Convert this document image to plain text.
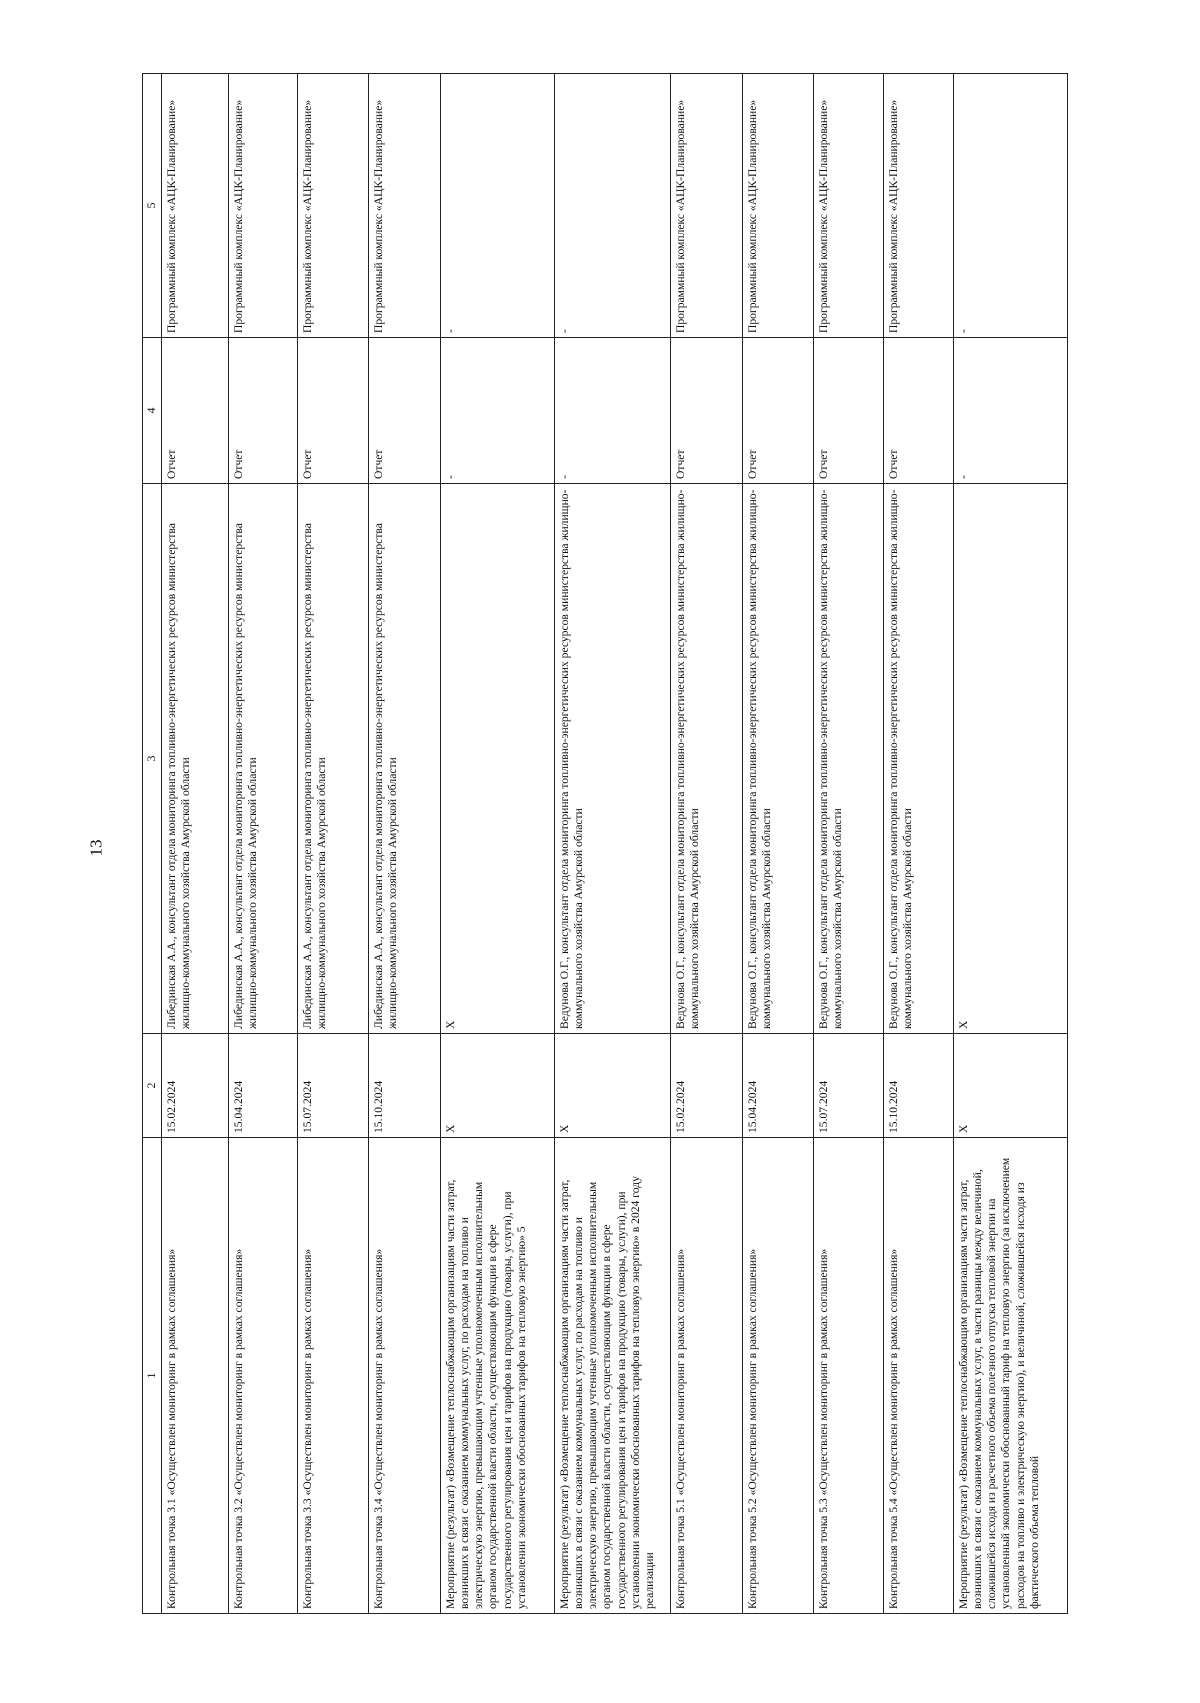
13
1	2	3	4	5
Контрольная точка 3.1 «Осуществлен мониторинг в рамках соглашения»	15.02.2024	Либединская А.А., консультант отдела мониторинга топливно-энергетических ресурсов министерства жилищно-коммунального хозяйства Амурской области	Отчет	Программный комплекс «АЦК-Планирование»
Контрольная точка 3.2 «Осуществлен мониторинг в рамках соглашения»	15.04.2024	Либединская А.А., консультант отдела мониторинга топливно-энергетических ресурсов министерства жилищно-коммунального хозяйства Амурской области	Отчет	Программный комплекс «АЦК-Планирование»
Контрольная точка 3.3 «Осуществлен мониторинг в рамках соглашения»	15.07.2024	Либединская А.А., консультант отдела мониторинга топливно-энергетических ресурсов министерства жилищно-коммунального хозяйства Амурской области	Отчет	Программный комплекс «АЦК-Планирование»
Контрольная точка 3.4 «Осуществлен мониторинг в рамках соглашения»	15.10.2024	Либединская А.А., консультант отдела мониторинга топливно-энергетических ресурсов министерства жилищно-коммунального хозяйства Амурской области	Отчет	Программный комплекс «АЦК-Планирование»
Мероприятие (результат) «Возмещение теплоснабжающим организациям части затрат, возникших в связи с оказанием коммунальных услуг, по расходам на топливо и электрическую энергию, превышающим учтенные уполномоченным исполнительным органом государственной власти области, осуществляющим функции в сфере государственного регулирования цен и тарифов на продукцию (товары, услуги), при установлении экономически обоснованных тарифов на тепловую энергию» 5	Х	Х	-	-
Мероприятие (результат) «Возмещение теплоснабжающим организациям части затрат, возникших в связи с оказанием коммунальных услуг, по расходам на топливо и электрическую энергию, превышающим учтенные уполномоченным исполнительным органом государственной власти области, осуществляющим функции в сфере государственного регулирования цен и тарифов на продукцию (товары, услуги), при установлении экономически обоснованных тарифов на тепловую энергию» в 2024 году реализации	Х	Ведунова О.Г., консультант отдела мониторинга топливно-энергетических ресурсов министерства жилищно-коммунального хозяйства Амурской области	-	-
Контрольная точка 5.1 «Осуществлен мониторинг в рамках соглашения»	15.02.2024	Ведунова О.Г., консультант отдела мониторинга топливно-энергетических ресурсов министерства жилищно-коммунального хозяйства Амурской области	Отчет	Программный комплекс «АЦК-Планирование»
Контрольная точка 5.2 «Осуществлен мониторинг в рамках соглашения»	15.04.2024	Ведунова О.Г., консультант отдела мониторинга топливно-энергетических ресурсов министерства жилищно-коммунального хозяйства Амурской области	Отчет	Программный комплекс «АЦК-Планирование»
Контрольная точка 5.3 «Осуществлен мониторинг в рамках соглашения»	15.07.2024	Ведунова О.Г., консультант отдела мониторинга топливно-энергетических ресурсов министерства жилищно-коммунального хозяйства Амурской области	Отчет	Программный комплекс «АЦК-Планирование»
Контрольная точка 5.4 «Осуществлен мониторинг в рамках соглашения»	15.10.2024	Ведунова О.Г., консультант отдела мониторинга топливно-энергетических ресурсов министерства жилищно-коммунального хозяйства Амурской области	Отчет	Программный комплекс «АЦК-Планирование»
Мероприятие (результат) «Возмещение теплоснабжающим организациям части затрат, возникших в связи с оказанием коммунальных услуг, в части разницы между величиной, сложившейся исходя из расчетного объема полезного отпуска тепловой энергии на установленный экономически обоснованный тариф на тепловую энергию (за исключением расходов на топливо и электрическую энергию), и величиной, сложившейся исходя из фактического объема тепловой	Х	Х	-	-
